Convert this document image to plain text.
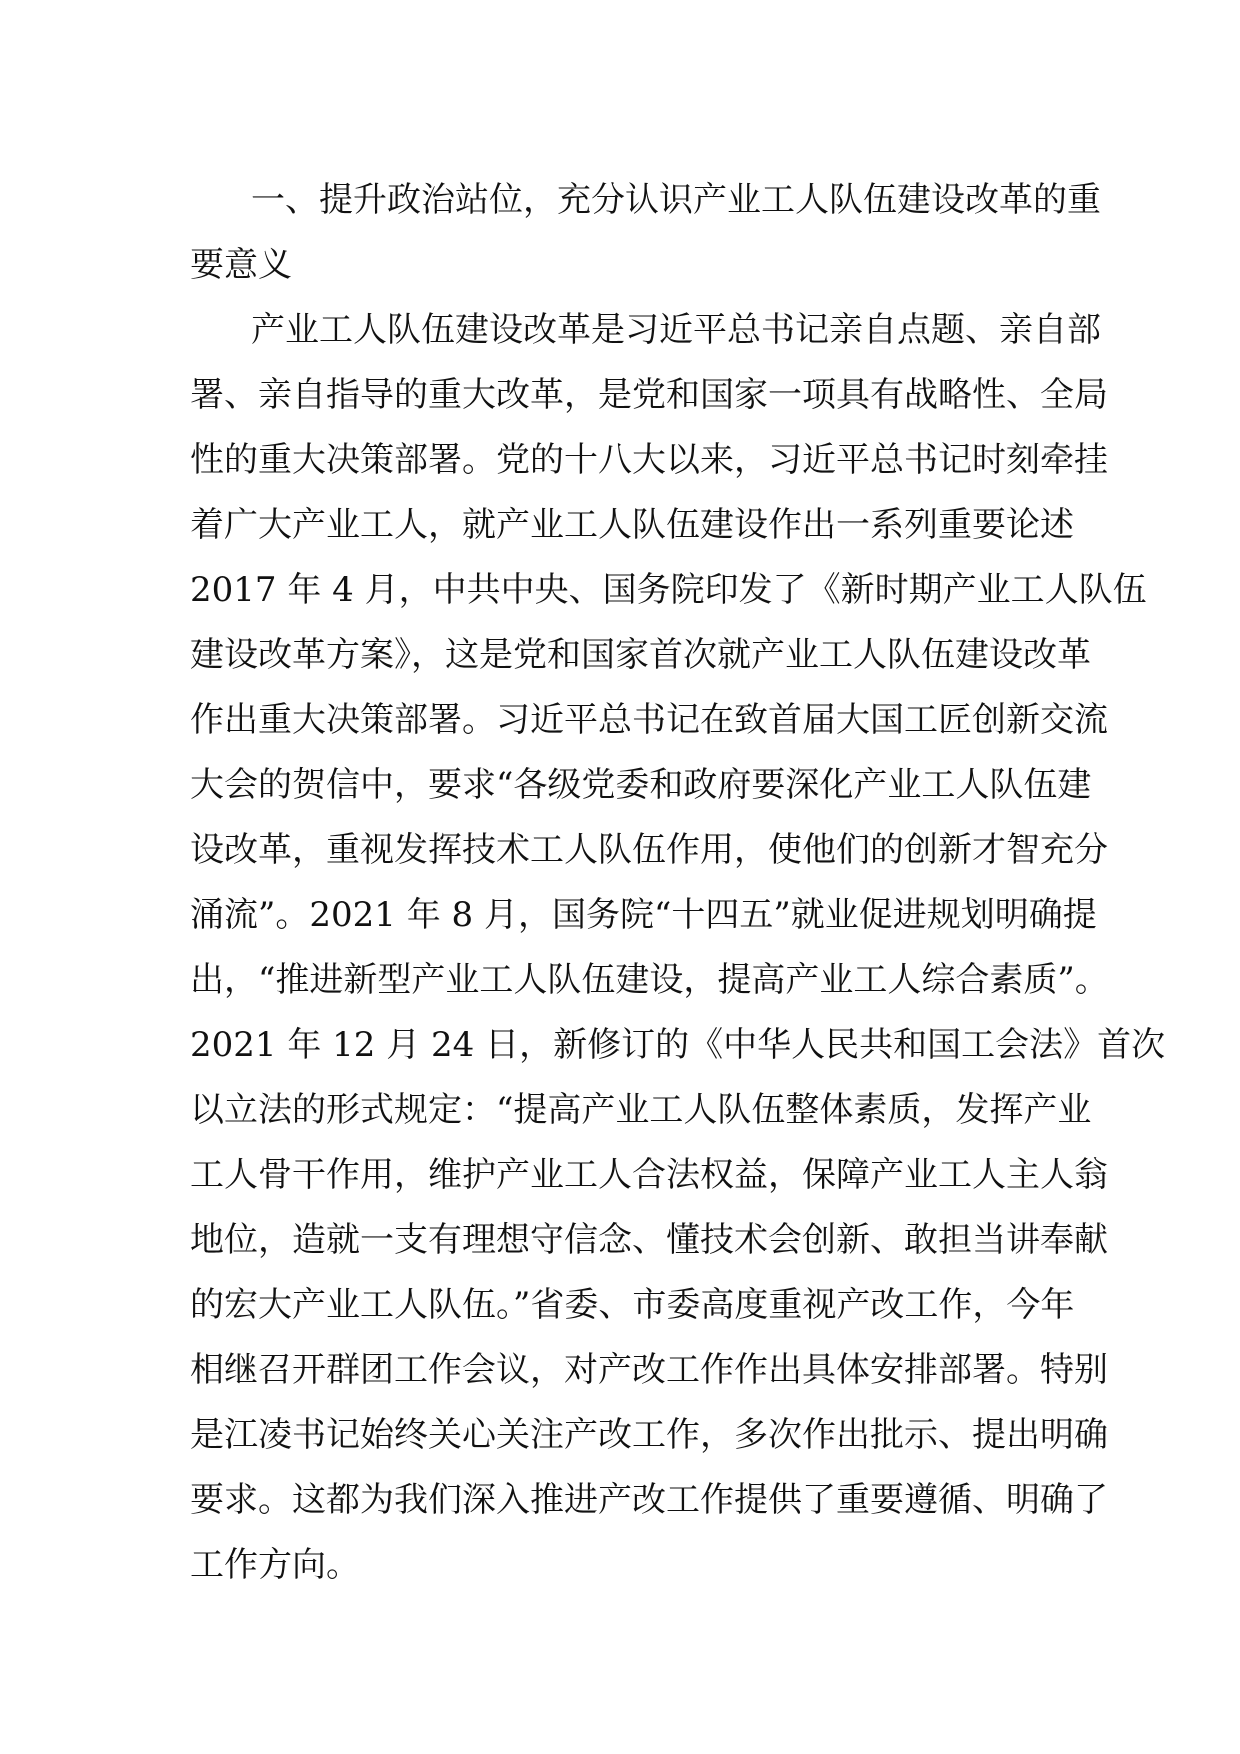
一、提升政治站位，充分认识产业工人队伍建设改革的重
要意义
产业工人队伍建设改革是习近平总书记亲自点题、亲自部
署、亲自指导的重大改革，是党和国家一项具有战略性、全局
性的重大决策部署。党的十八大以来，习近平总书记时刻牵挂
着广大产业工人，就产业工人队伍建设作出一系列重要论述
2017 年 4 月，中共中央、国务院印发了《新时期产业工人队伍
建设改革方案》，这是党和国家首次就产业工人队伍建设改革
作出重大决策部署。习近平总书记在致首届大国工匠创新交流
大会的贺信中，要求“各级党委和政府要深化产业工人队伍建
设改革，重视发挥技术工人队伍作用，使他们的创新才智充分
涌流”。2021 年 8 月，国务院“十四五”就业促进规划明确提
出，“推进新型产业工人队伍建设，提高产业工人综合素质”。
2021 年 12 月 24 日，新修订的《中华人民共和国工会法》首次
以立法的形式规定：“提高产业工人队伍整体素质，发挥产业
工人骨干作用，维护产业工人合法权益，保障产业工人主人翁
地位，造就一支有理想守信念、懂技术会创新、敢担当讲奉献
的宏大产业工人队伍。”省委、市委高度重视产改工作，今年
相继召开群团工作会议，对产改工作作出具体安排部署。特别
是江凌书记始终关心关注产改工作，多次作出批示、提出明确
要求。这都为我们深入推进产改工作提供了重要遵循、明确了
工作方向。
